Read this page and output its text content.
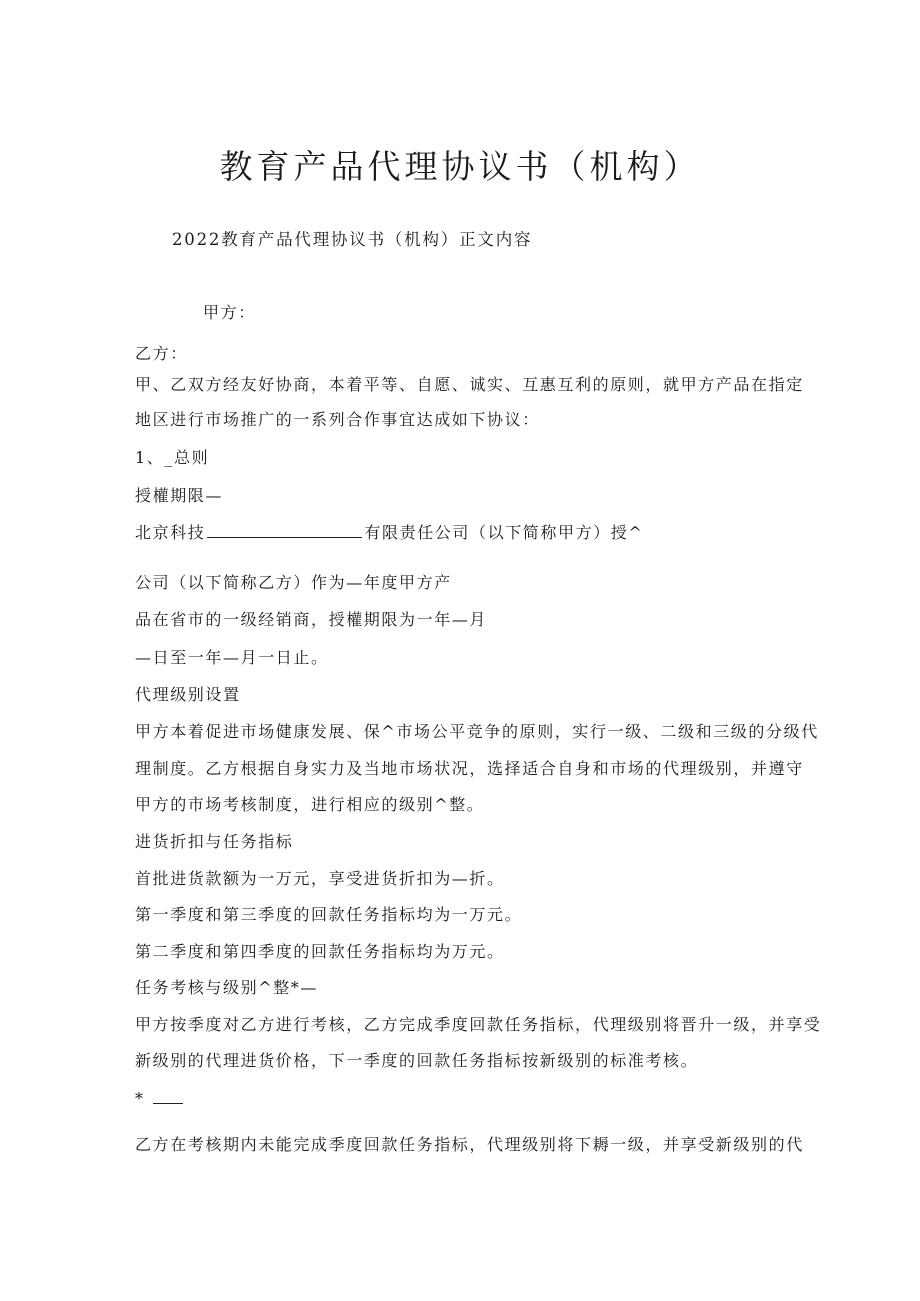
教育产品代理协议书（机构）
2022教育产品代理协议书（机构）正文内容
甲方：
乙方：
甲、乙双方经友好协商，本着平等、自愿、诚实、互惠互利的原则，就甲方产品在指定
地区进行市场推广的一系列合作事宜达成如下协议：
1、_总则
授權期限—
北京科技	有限责任公司（以下简称甲方）授^
公司（以下简称乙方）作为—年度甲方产
品在省市的一级经销商，授權期限为一年—月
—日至一年—月一日止。
代理级别设置
甲方本着促进市场健康发展、保^市场公平竞争的原则，实行一级、二级和三级的分级代
理制度。乙方根据自身实力及当地市场状况，选择适合自身和市场的代理级别，并遵守
甲方的市场考核制度，进行相应的级别^整。
进货折扣与任务指标
首批进货款额为一万元，享受进货折扣为—折。
第一季度和第三季度的回款任务指标均为一万元。
第二季度和第四季度的回款任务指标均为万元。
任务考核与级别^整*—
甲方按季度对乙方进行考核，乙方完成季度回款任务指标，代理级别将晋升一级，并享受
新级别的代理进货价格，下一季度的回款任务指标按新级别的标准考核。
*
乙方在考核期内未能完成季度回款任务指标，代理级别将下耨一级，并享受新级别的代
